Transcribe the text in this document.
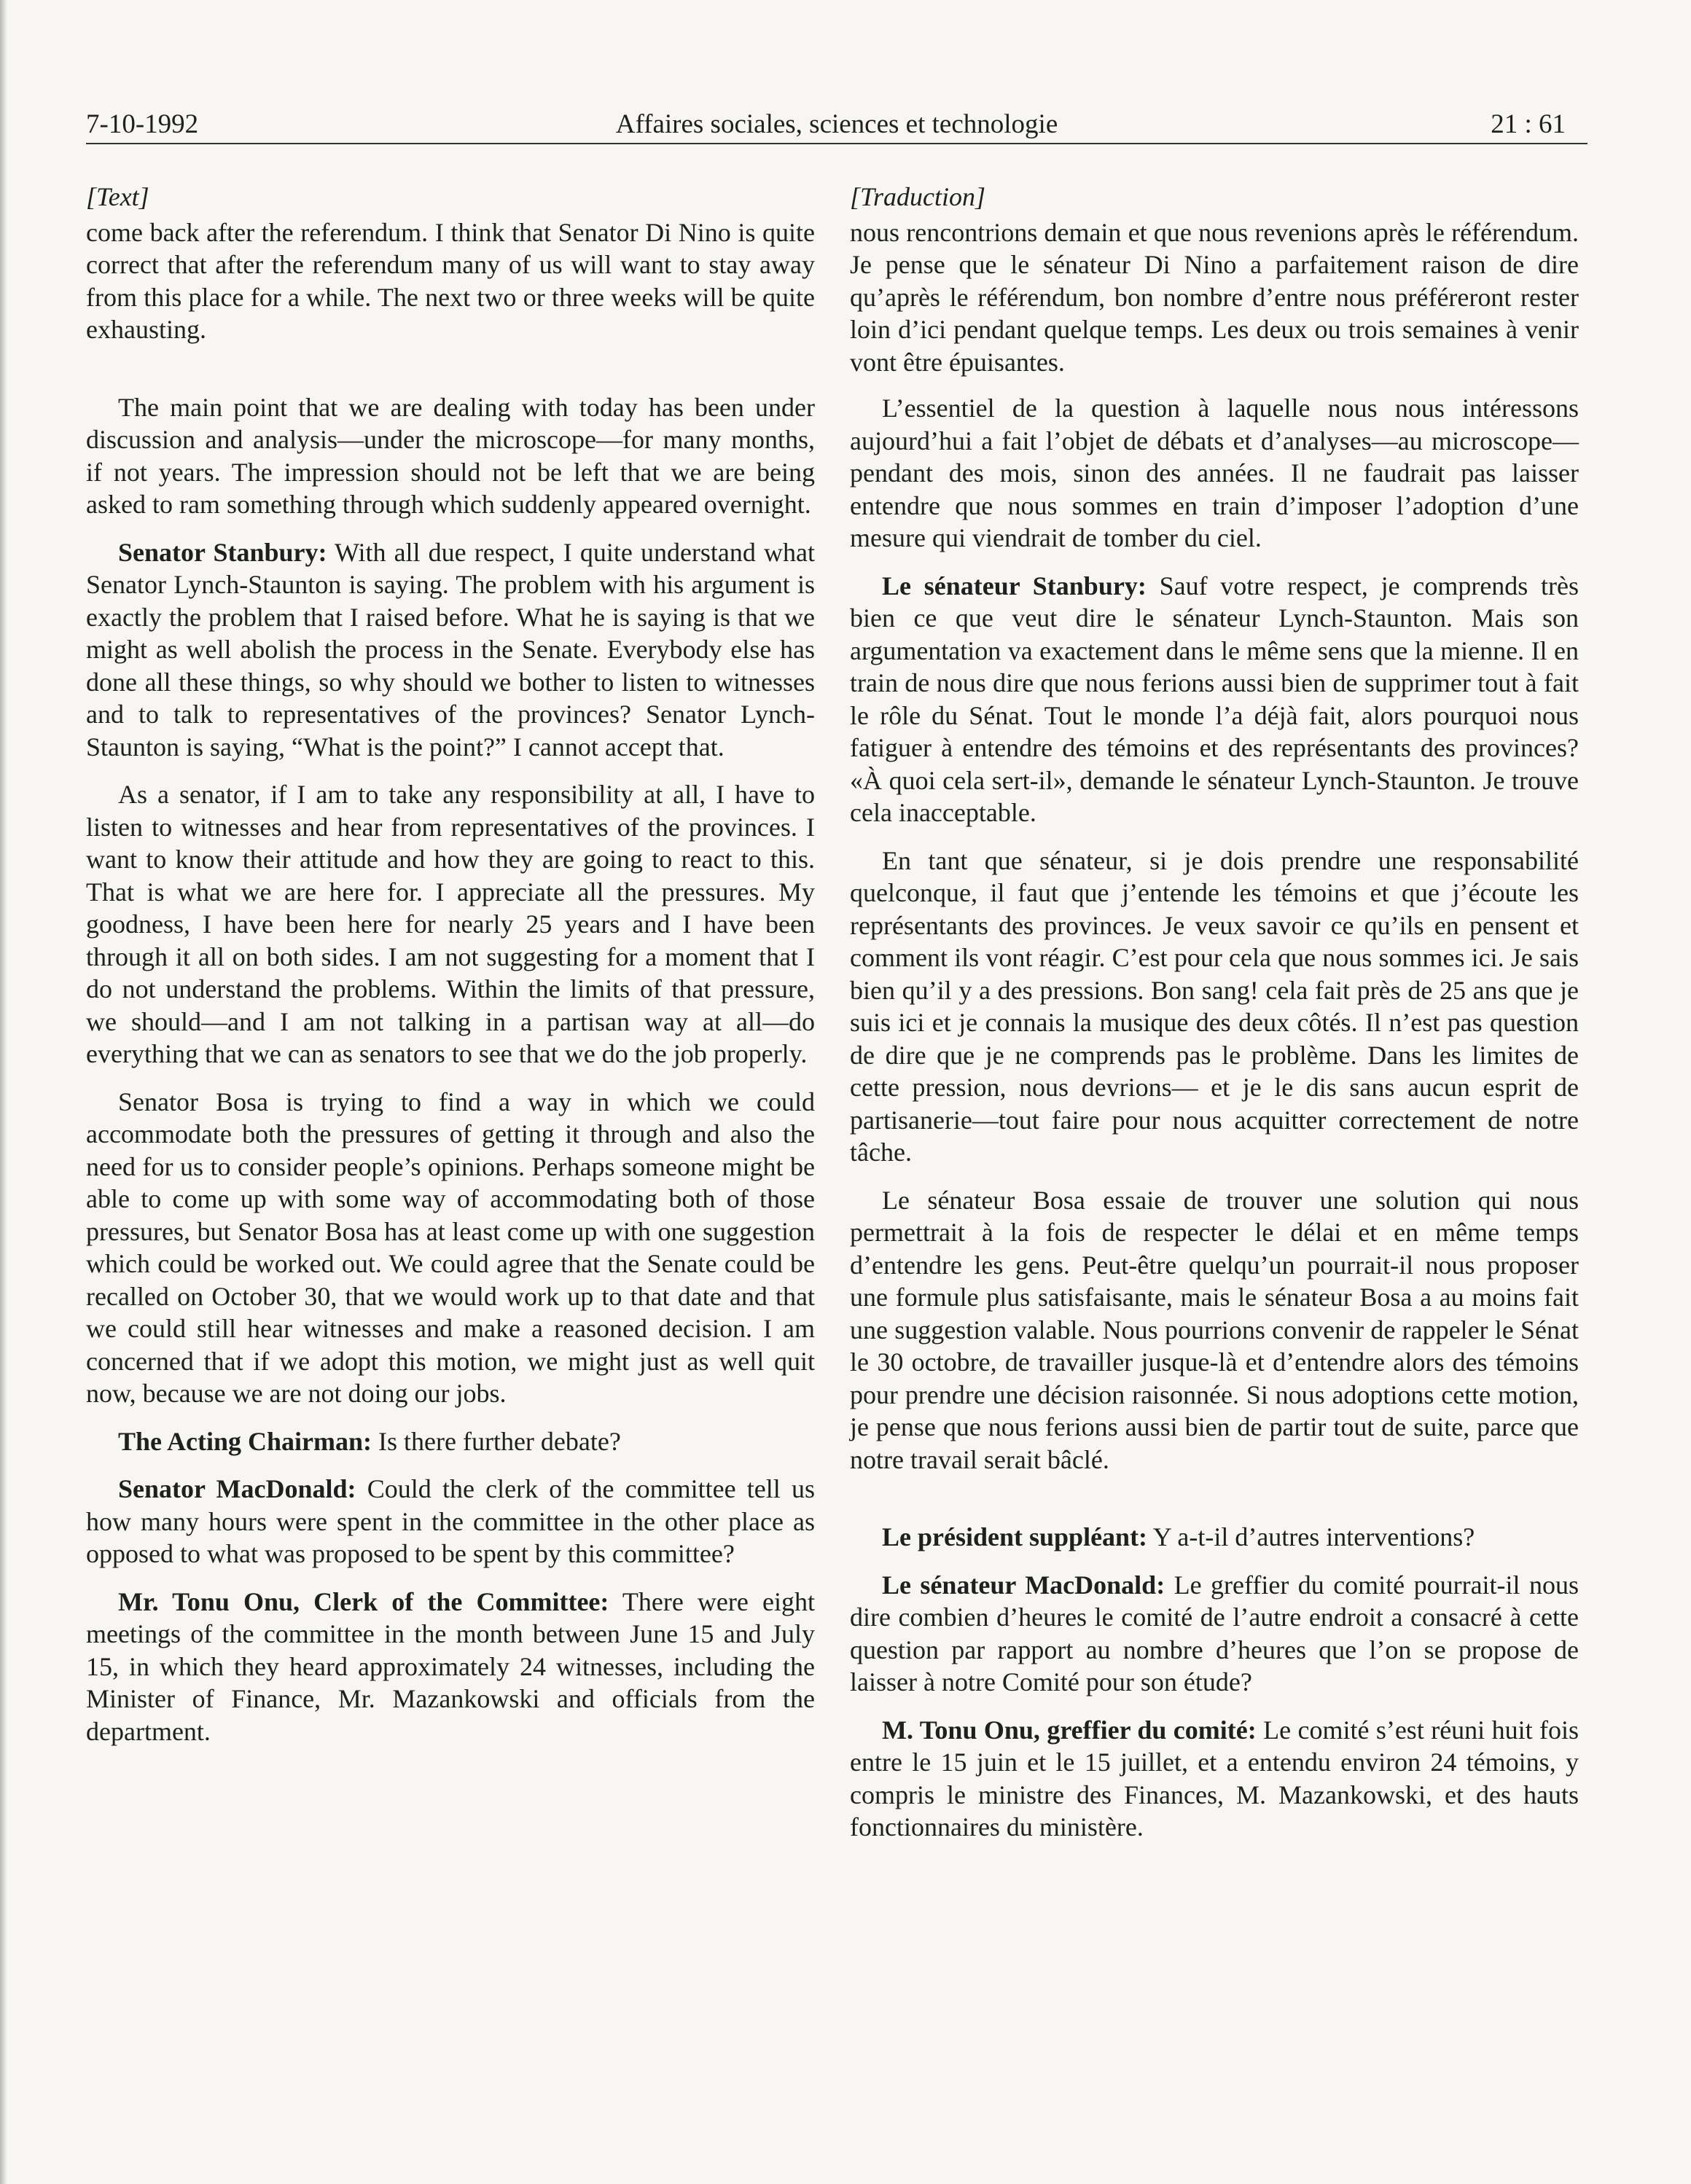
7-10-1992	Affaires sociales, sciences et technologie	21 : 61

[Text]

come back after the referendum. I think that Senator Di Nino is quite correct that after the referendum many of us will want to stay away from this place for a while. The next two or three weeks will be quite exhausting.

The main point that we are dealing with today has been under discussion and analysis—under the microscope—for many months, if not years. The impression should not be left that we are being asked to ram something through which suddenly appeared overnight.

Senator Stanbury: With all due respect, I quite understand what Senator Lynch-Staunton is saying. The problem with his argument is exactly the problem that I raised before. What he is saying is that we might as well abolish the process in the Senate. Everybody else has done all these things, so why should we bother to listen to witnesses and to talk to representatives of the provinces? Senator Lynch-Staunton is saying, “What is the point?” I cannot accept that.

As a senator, if I am to take any responsibility at all, I have to listen to witnesses and hear from representatives of the provinces. I want to know their attitude and how they are going to react to this. That is what we are here for. I appreciate all the pressures. My goodness, I have been here for nearly 25 years and I have been through it all on both sides. I am not suggesting for a moment that I do not understand the problems. Within the limits of that pressure, we should—and I am not talking in a partisan way at all—do everything that we can as senators to see that we do the job properly.

Senator Bosa is trying to find a way in which we could accommodate both the pressures of getting it through and also the need for us to consider people’s opinions. Perhaps someone might be able to come up with some way of accommodating both of those pressures, but Senator Bosa has at least come up with one suggestion which could be worked out. We could agree that the Senate could be recalled on October 30, that we would work up to that date and that we could still hear witnesses and make a reasoned decision. I am concerned that if we adopt this motion, we might just as well quit now, because we are not doing our jobs.

The Acting Chairman: Is there further debate?

Senator MacDonald: Could the clerk of the committee tell us how many hours were spent in the committee in the other place as opposed to what was proposed to be spent by this committee?

Mr. Tonu Onu, Clerk of the Committee: There were eight meetings of the committee in the month between June 15 and July 15, in which they heard approximately 24 witnesses, including the Minister of Finance, Mr. Mazankowski and officials from the department.

[Traduction]

nous rencontrions demain et que nous revenions après le référendum. Je pense que le sénateur Di Nino a parfaitement raison de dire qu’après le référendum, bon nombre d’entre nous préféreront rester loin d’ici pendant quelque temps. Les deux ou trois semaines à venir vont être épuisantes.

L’essentiel de la question à laquelle nous nous intéressons aujourd’hui a fait l’objet de débats et d’analyses—au microscope—pendant des mois, sinon des années. Il ne faudrait pas laisser entendre que nous sommes en train d’imposer l’adoption d’une mesure qui viendrait de tomber du ciel.

Le sénateur Stanbury: Sauf votre respect, je comprends très bien ce que veut dire le sénateur Lynch-Staunton. Mais son argumentation va exactement dans le même sens que la mienne. Il en train de nous dire que nous ferions aussi bien de supprimer tout à fait le rôle du Sénat. Tout le monde l’a déjà fait, alors pourquoi nous fatiguer à entendre des témoins et des représentants des provinces? «À quoi cela sert-il», demande le sénateur Lynch-Staunton. Je trouve cela inacceptable.

En tant que sénateur, si je dois prendre une responsabilité quelconque, il faut que j’entende les témoins et que j’écoute les représentants des provinces. Je veux savoir ce qu’ils en pensent et comment ils vont réagir. C’est pour cela que nous sommes ici. Je sais bien qu’il y a des pressions. Bon sang! cela fait près de 25 ans que je suis ici et je connais la musique des deux côtés. Il n’est pas question de dire que je ne comprends pas le problème. Dans les limites de cette pression, nous devrions— et je le dis sans aucun esprit de partisanerie—tout faire pour nous acquitter correctement de notre tâche.

Le sénateur Bosa essaie de trouver une solution qui nous permettrait à la fois de respecter le délai et en même temps d’entendre les gens. Peut-être quelqu’un pourrait-il nous proposer une formule plus satisfaisante, mais le sénateur Bosa a au moins fait une suggestion valable. Nous pourrions convenir de rappeler le Sénat le 30 octobre, de travailler jusque-là et d’entendre alors des témoins pour prendre une décision raisonnée. Si nous adoptions cette motion, je pense que nous ferions aussi bien de partir tout de suite, parce que notre travail serait bâclé.

Le président suppléant: Y a-t-il d’autres interventions?

Le sénateur MacDonald: Le greffier du comité pourrait-il nous dire combien d’heures le comité de l’autre endroit a consacré à cette question par rapport au nombre d’heures que l’on se propose de laisser à notre Comité pour son étude?

M. Tonu Onu, greffier du comité: Le comité s’est réuni huit fois entre le 15 juin et le 15 juillet, et a entendu environ 24 témoins, y compris le ministre des Finances, M. Mazankowski, et des hauts fonctionnaires du ministère.
